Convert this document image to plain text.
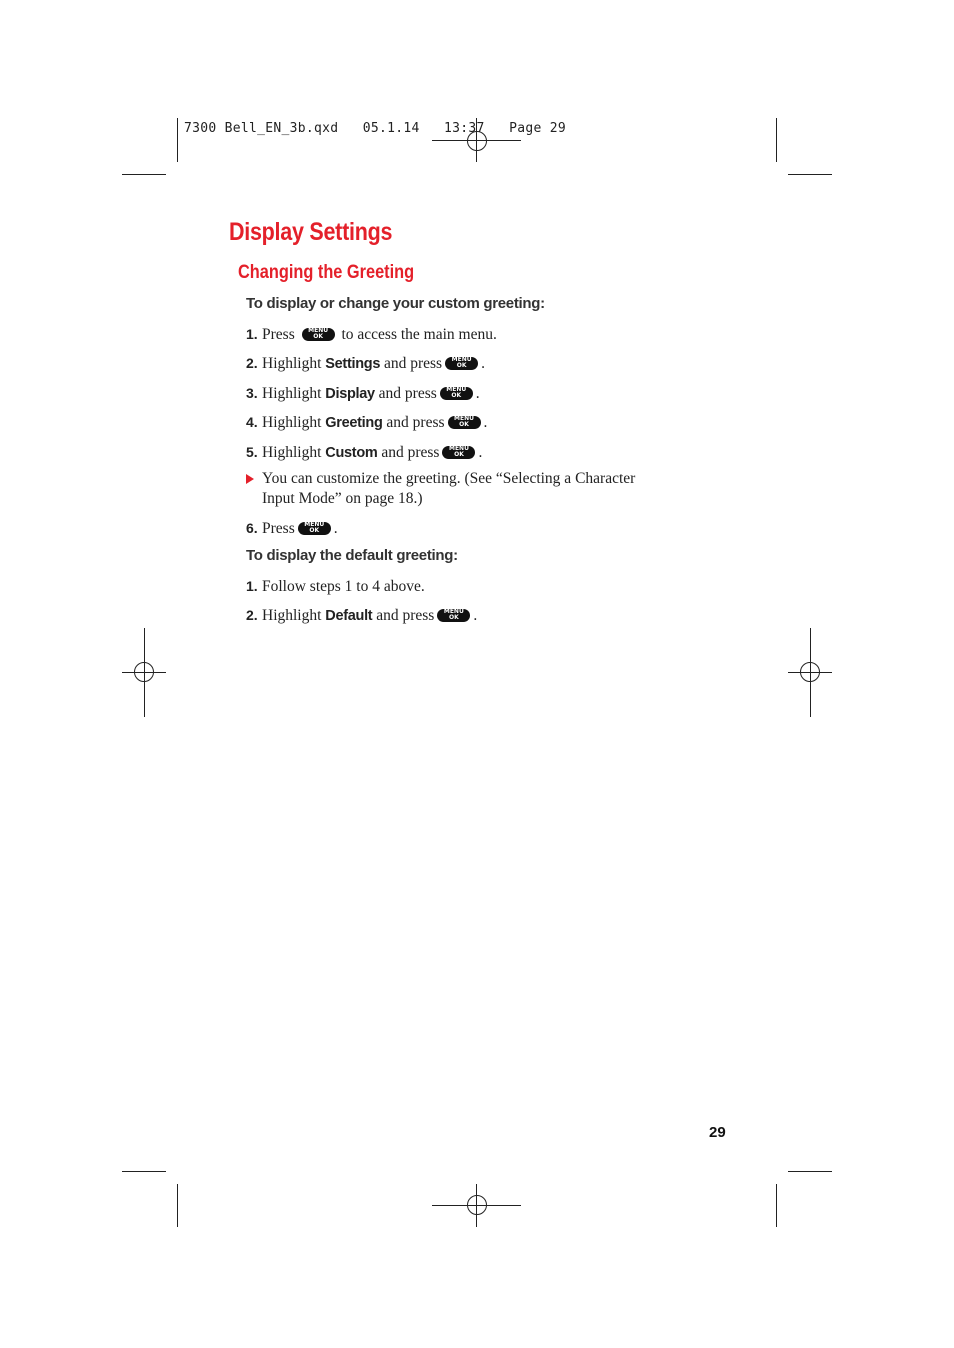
7300 Bell_EN_3b.qxd   05.1.14   13:37   Page 29
Display Settings
Changing the Greeting
To display or change your custom greeting:
1. Press MENU OK	to access the main menu.
2. Highlight Settings and press MENU OK	.
3. Highlight Display and press MENU OK	.
4. Highlight Greeting and press MENU OK	.
5. Highlight Custom and press MENU OK	.
You can customize the greeting. (See “Selecting a Character
Input Mode” on page 18.)
6. Press MENU OK	.
To display the default greeting:
1. Follow steps 1 to 4 above.
2. Highlight Default and press MENU OK	.
29
